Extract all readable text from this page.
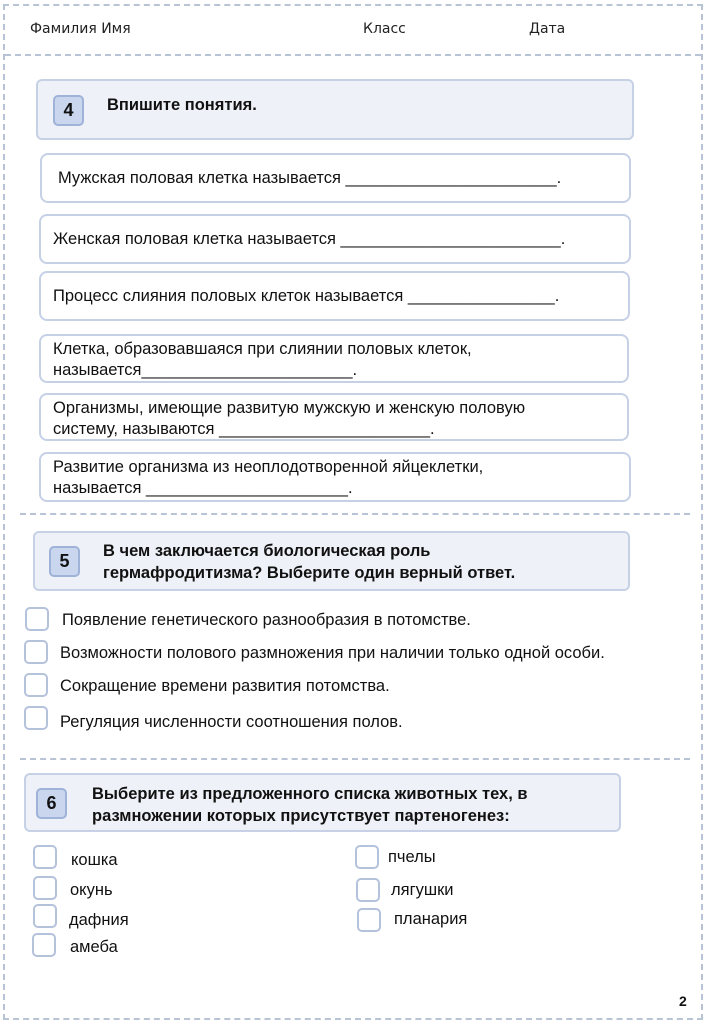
Фамилия Имя	Класс	Дата
4	Впишите понятия.
Мужская половая клетка называется _______________________.
Женская половая клетка называется ________________________.
Процесс слияния половых клеток называется ________________.
Клетка, образовавшаяся при слиянии половых клеток,
называется_______________________.
Организмы, имеющие развитую мужскую и женскую половую
систему, называются _______________________.
Развитие организма из неоплодотворенной яйцеклетки,
называется ______________________.
5	В чем заключается биологическая роль
гермафродитизма? Выберите один верный ответ.
Появление генетического разнообразия в потомстве.
Возможности полового размножения при наличии только одной особи.
Сокращение времени развития потомства.
Регуляция численности соотношения полов.
6	Выберите из предложенного списка животных тех, в
размножении которых присутствует партеногенез:
кошка
окунь
дафния
амеба
пчелы
лягушки
планария
2
